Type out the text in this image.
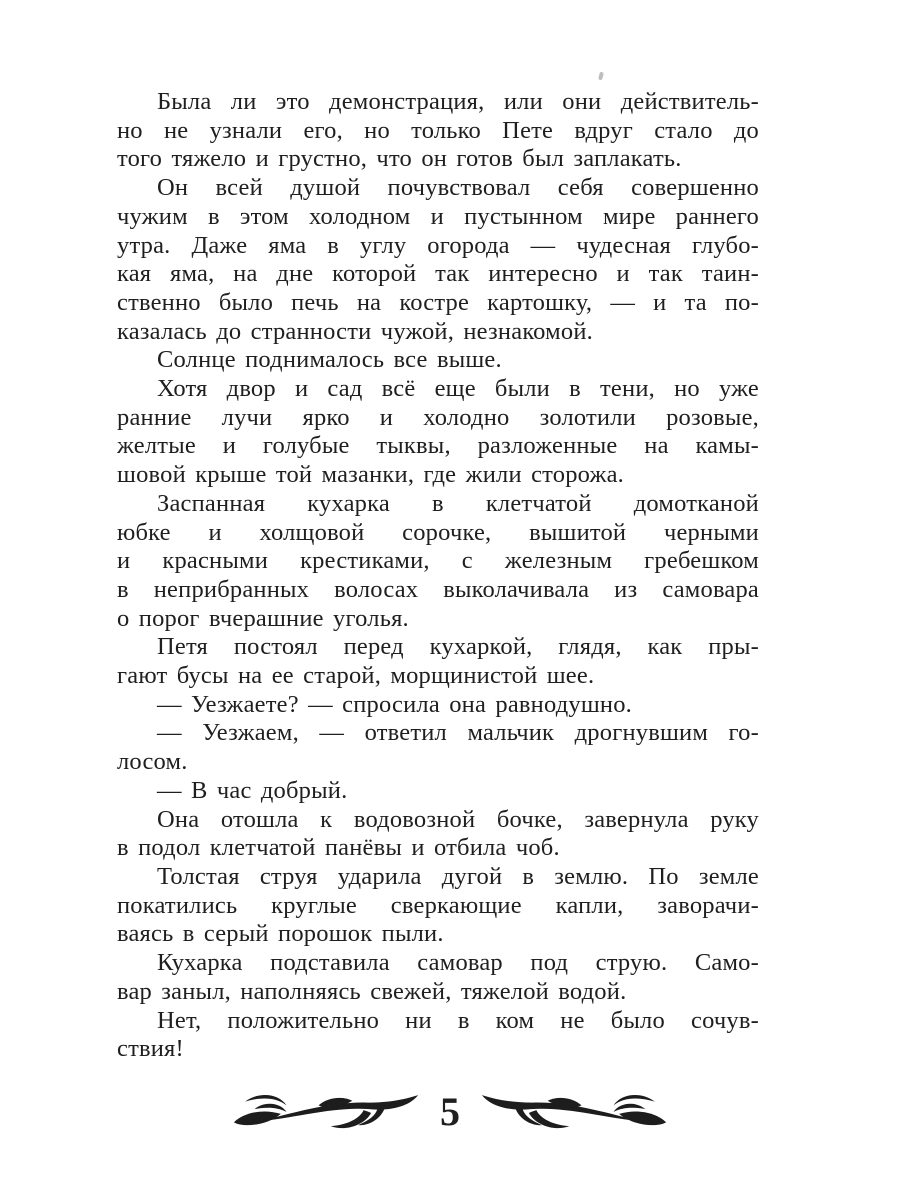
Была ли это демонстрация, или они действитель-
но не узнали его, но только Пете вдруг стало до
того тяжело и грустно, что он готов был заплакать.
Он всей душой почувствовал себя совершенно
чужим в этом холодном и пустынном мире раннего
утра. Даже яма в углу огорода — чудесная глубо-
кая яма, на дне которой так интересно и так таин-
ственно было печь на костре картошку, — и та по-
казалась до странности чужой, незнакомой.
Солнце поднималось все выше.
Хотя двор и сад всё еще были в тени, но уже
ранние лучи ярко и холодно золотили розовые,
желтые и голубые тыквы, разложенные на камы-
шовой крыше той мазанки, где жили сторожа.
Заспанная кухарка в клетчатой домотканой
юбке и холщовой сорочке, вышитой черными
и красными крестиками, с железным гребешком
в неприбранных волосах выколачивала из самовара
о порог вчерашние уголья.
Петя постоял перед кухаркой, глядя, как пры-
гают бусы на ее старой, морщинистой шее.
— Уезжаете? — спросила она равнодушно.
— Уезжаем, — ответил мальчик дрогнувшим го-
лосом.
— В час добрый.
Она отошла к водовозной бочке, завернула руку
в подол клетчатой панёвы и отбила чоб.
Толстая струя ударила дугой в землю. По земле
покатились круглые сверкающие капли, заворачи-
ваясь в серый порошок пыли.
Кухарка подставила самовар под струю. Само-
вар заныл, наполняясь свежей, тяжелой водой.
Нет, положительно ни в ком не было сочув-
ствия!
5
